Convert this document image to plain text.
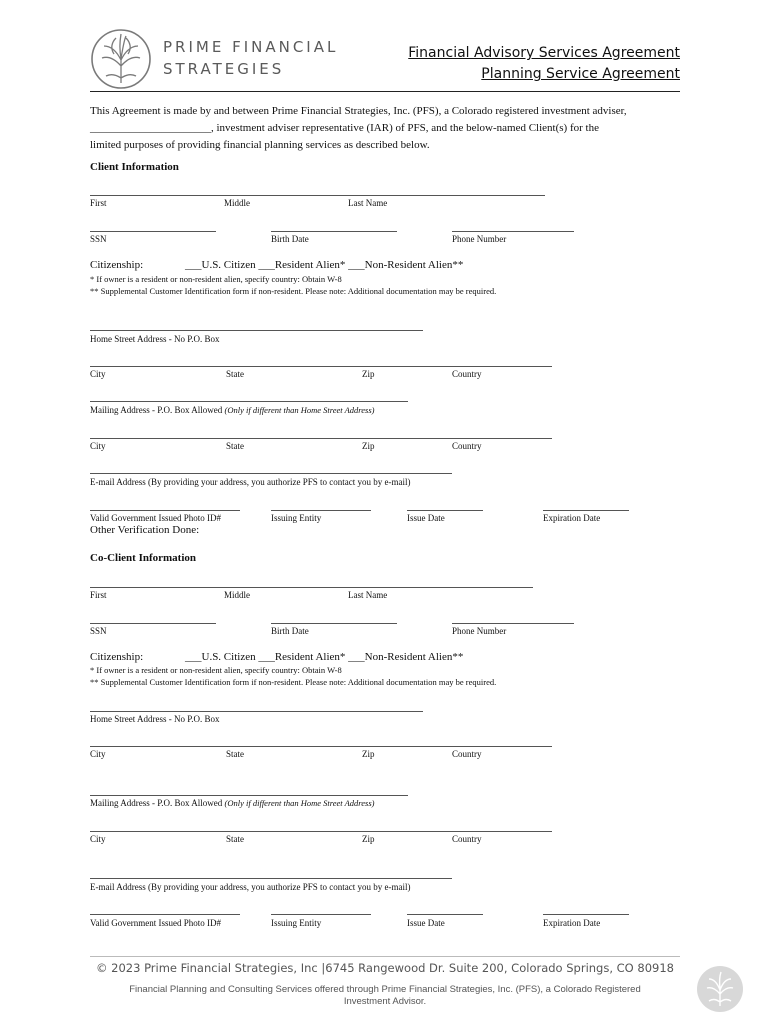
PRIME FINANCIAL
STRATEGIES
Financial Advisory Services Agreement
Planning Service Agreement
This Agreement is made by and between Prime Financial Strategies, Inc. (PFS), a Colorado registered investment adviser,
______________________, investment adviser representative (IAR) of PFS, and the below-named Client(s) for the
limited purposes of providing financial planning services as described below.
Client Information
First	Middle	Last Name
SSN	Birth Date	Phone Number
Citizenship:	___U.S. Citizen ___Resident Alien* ___Non-Resident Alien**
* If owner is a resident or non-resident alien, specify country: Obtain W-8
** Supplemental Customer Identification form if non-resident. Please note: Additional documentation may be required.
Home Street Address - No P.O. Box
City	State	Zip	Country
Mailing Address - P.O. Box Allowed (Only if different than Home Street Address)
City	State	Zip	Country
E-mail Address (By providing your address, you authorize PFS to contact you by e-mail)
Valid Government Issued Photo ID#	Issuing Entity	Issue Date	Expiration Date
Other Verification Done:
Co-Client Information
First	Middle	Last Name
SSN	Birth Date	Phone Number
Citizenship:	___U.S. Citizen ___Resident Alien* ___Non-Resident Alien**
* If owner is a resident or non-resident alien, specify country: Obtain W-8
** Supplemental Customer Identification form if non-resident. Please note: Additional documentation may be required.
Home Street Address - No P.O. Box
City	State	Zip	Country
Mailing Address - P.O. Box Allowed (Only if different than Home Street Address)
City	State	Zip	Country
E-mail Address (By providing your address, you authorize PFS to contact you by e-mail)
Valid Government Issued Photo ID#	Issuing Entity	Issue Date	Expiration Date
© 2023 Prime Financial Strategies, Inc |6745 Rangewood Dr. Suite 200, Colorado Springs, CO 80918
Financial Planning and Consulting Services offered through Prime Financial Strategies, Inc. (PFS), a Colorado Registered Investment Advisor.
